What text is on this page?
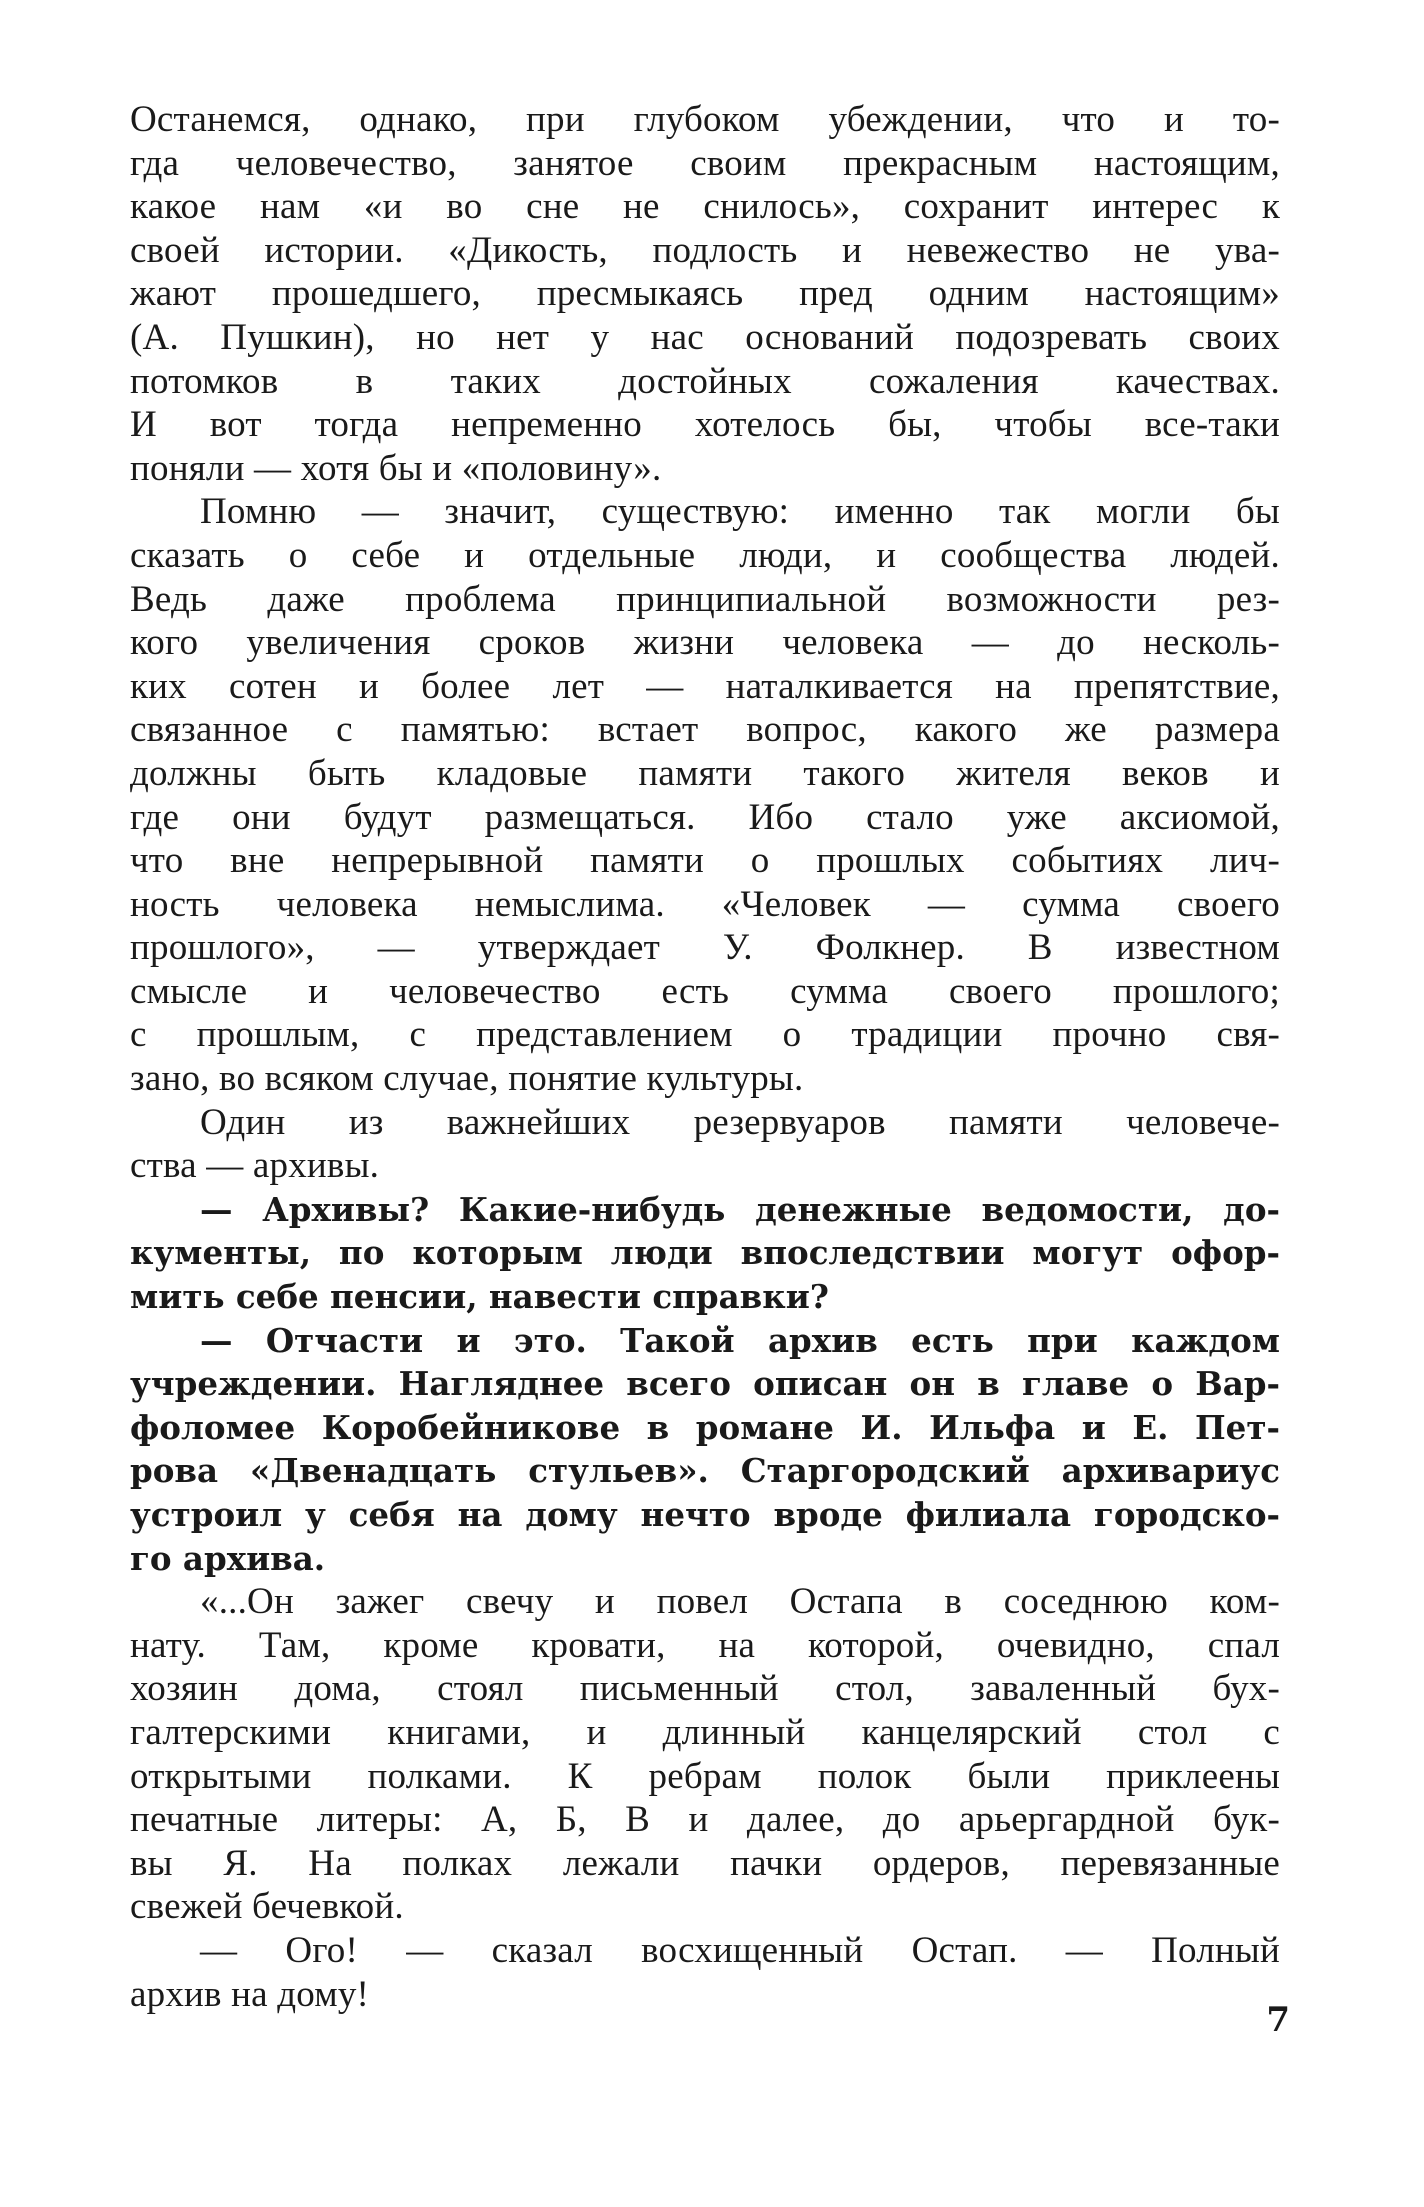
Останемся, однако, при глубоком убеждении, что и то-
гда человечество, занятое своим прекрасным настоящим,
какое нам «и во сне не снилось», сохранит интерес к
своей истории. «Дикость, подлость и невежество не ува-
жают прошедшего, пресмыкаясь пред одним настоящим»
(А. Пушкин), но нет у нас оснований подозревать своих
потомков в таких достойных сожаления качествах.
И вот тогда непременно хотелось бы, чтобы все-таки
поняли — хотя бы и «половину».
Помню — значит, существую: именно так могли бы
сказать о себе и отдельные люди, и сообщества людей.
Ведь даже проблема принципиальной возможности рез-
кого увеличения сроков жизни человека — до несколь-
ких сотен и более лет — наталкивается на препятствие,
связанное с памятью: встает вопрос, какого же размера
должны быть кладовые памяти такого жителя веков и
где они будут размещаться. Ибо стало уже аксиомой,
что вне непрерывной памяти о прошлых событиях лич-
ность человека немыслима. «Человек — сумма своего
прошлого», — утверждает У. Фолкнер. В известном
смысле и человечество есть сумма своего прошлого;
с прошлым, с представлением о традиции прочно свя-
зано, во всяком случае, понятие культуры.
Один из важнейших резервуаров памяти человече-
ства — архивы.
— Архивы? Какие-нибудь денежные ведомости, до-
кументы, по которым люди впоследствии могут офор-
мить себе пенсии, навести справки?
— Отчасти и это. Такой архив есть при каждом
учреждении. Нагляднее всего описан он в главе о Вар-
фоломее Коробейникове в романе И. Ильфа и Е. Пет-
рова «Двенадцать стульев». Старгородский архивариус
устроил у себя на дому нечто вроде филиала городско-
го архива.
«...Он зажег свечу и повел Остапа в соседнюю ком-
нату. Там, кроме кровати, на которой, очевидно, спал
хозяин дома, стоял письменный стол, заваленный бух-
галтерскими книгами, и длинный канцелярский стол с
открытыми полками. К ребрам полок были приклеены
печатные литеры: А, Б, В и далее, до арьергардной бук-
вы Я. На полках лежали пачки ордеров, перевязанные
свежей бечевкой.
— Ого! — сказал восхищенный Остап. — Полный
архив на дому!
7
